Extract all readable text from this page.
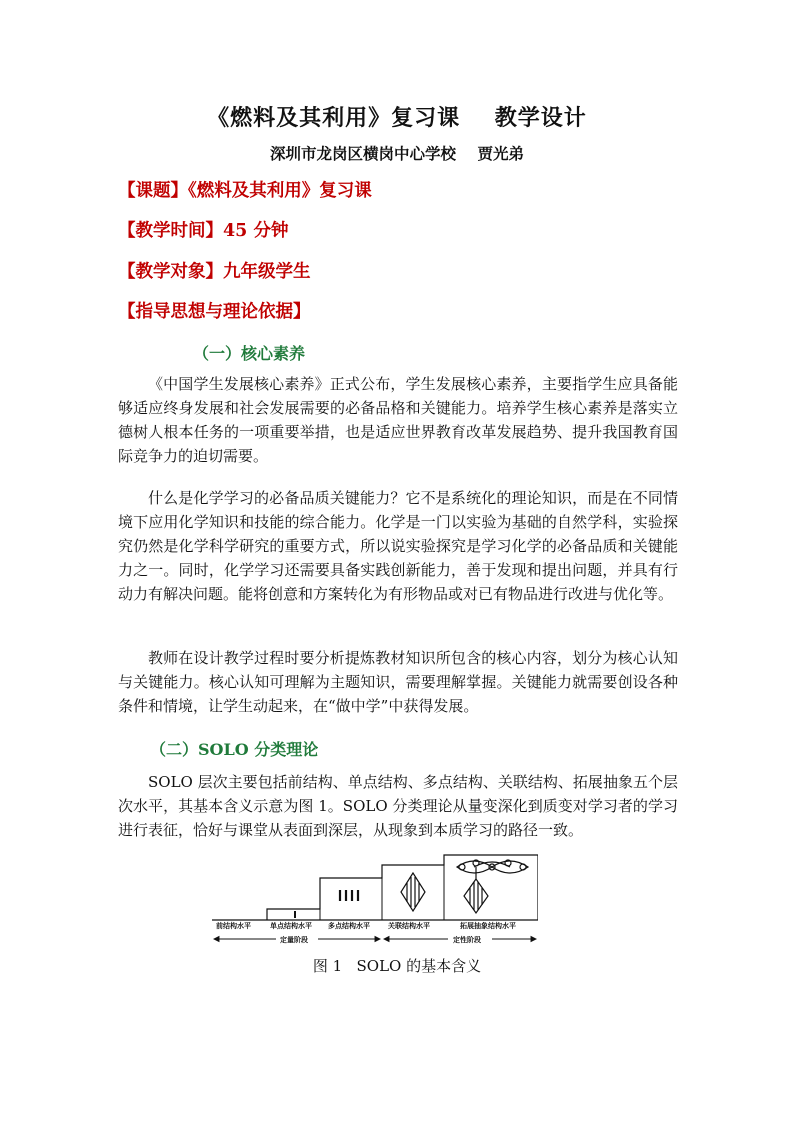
《燃料及其利用》复习课    教学设计
深圳市龙岗区横岗中心学校    贾光弟
【课题】《燃料及其利用》复习课
【教学时间】45 分钟
【教学对象】九年级学生
【指导思想与理论依据】
（一）核心素养
《中国学生发展核心素养》正式公布，学生发展核心素养，主要指学生应具备能够适应终身发展和社会发展需要的必备品格和关键能力。培养学生核心素养是落实立德树人根本任务的一项重要举措，也是适应世界教育改革发展趋势、提升我国教育国际竞争力的迫切需要。
什么是化学学习的必备品质关键能力？它不是系统化的理论知识，而是在不同情境下应用化学知识和技能的综合能力。化学是一门以实验为基础的自然学科，实验探究仍然是化学科学研究的重要方式，所以说实验探究是学习化学的必备品质和关键能力之一。同时，化学学习还需要具备实践创新能力，善于发现和提出问题，并具有行动力有解决问题。能将创意和方案转化为有形物品或对已有物品进行改进与优化等。
教师在设计教学过程时要分析提炼教材知识所包含的核心内容，划分为核心认知与关键能力。核心认知可理解为主题知识，需要理解掌握。关键能力就需要创设各种条件和情境，让学生动起来，在“做中学”中获得发展。
（二）SOLO 分类理论
SOLO 层次主要包括前结构、单点结构、多点结构、关联结构、拓展抽象五个层次水平，其基本含义示意为图 1。SOLO 分类理论从量变深化到质变对学习者的学习进行表征，恰好与课堂从表面到深层，从现象到本质学习的路径一致。
前结构水平	单点结构水平 多点结构水平	关联结构水平	拓展抽象结构水平
定量阶段	定性阶段
图 1   SOLO 的基本含义
